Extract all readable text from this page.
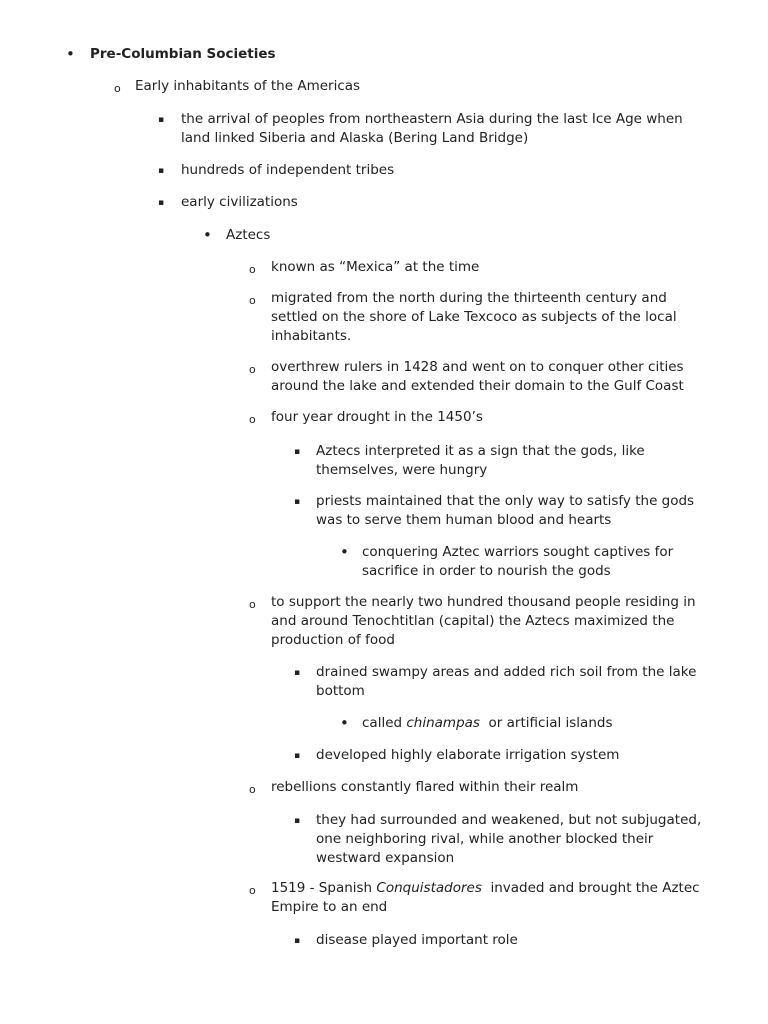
• Pre-Columbian Societies
o Early inhabitants of the Americas
▪ the arrival of peoples from northeastern Asia during the last Ice Age when land linked Siberia and Alaska (Bering Land Bridge)
▪ hundreds of independent tribes
▪ early civilizations
• Aztecs
o known as “Mexica” at the time
o migrated from the north during the thirteenth century and settled on the shore of Lake Texcoco as subjects of the local inhabitants.
o overthrew rulers in 1428 and went on to conquer other cities around the lake and extended their domain to the Gulf Coast
o four year drought in the 1450’s
▪ Aztecs interpreted it as a sign that the gods, like themselves, were hungry
▪ priests maintained that the only way to satisfy the gods was to serve them human blood and hearts
• conquering Aztec warriors sought captives for sacrifice in order to nourish the gods
o to support the nearly two hundred thousand people residing in and around Tenochtitlan (capital) the Aztecs maximized the production of food
▪ drained swampy areas and added rich soil from the lake bottom
• called chinampas  or artificial islands
▪ developed highly elaborate irrigation system
o rebellions constantly flared within their realm
▪ they had surrounded and weakened, but not subjugated, one neighboring rival, while another blocked their westward expansion
o 1519 - Spanish Conquistadores  invaded and brought the Aztec Empire to an end
▪ disease played important role
